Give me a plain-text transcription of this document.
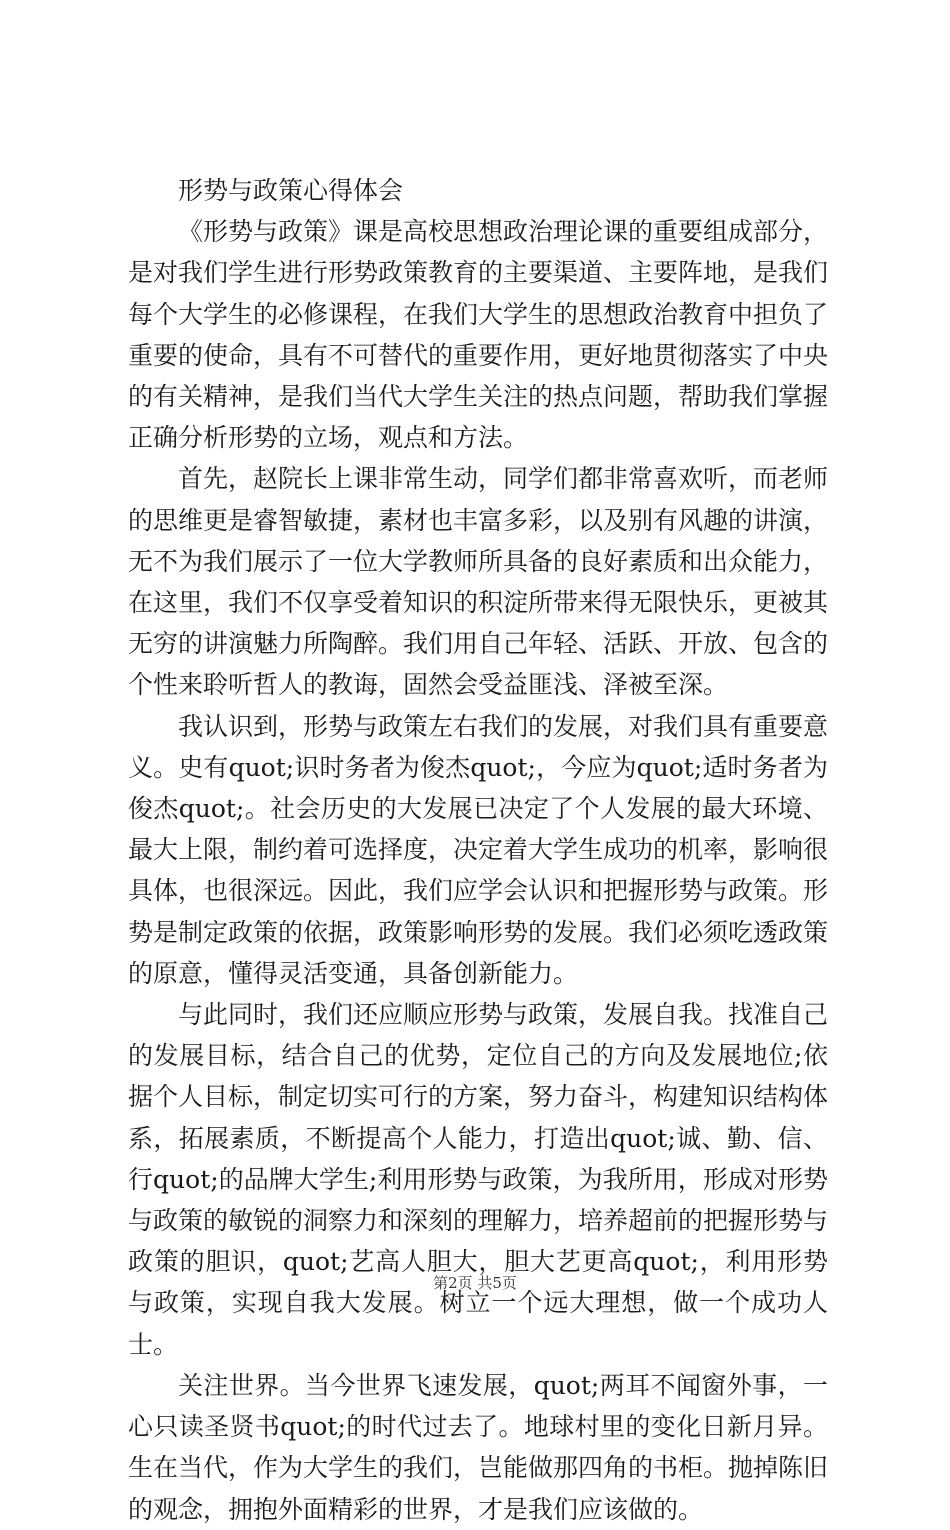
形势与政策心得体会

《形势与政策》课是高校思想政治理论课的重要组成部分，是对我们学生进行形势政策教育的主要渠道、主要阵地，是我们每个大学生的必修课程，在我们大学生的思想政治教育中担负了重要的使命，具有不可替代的重要作用，更好地贯彻落实了中央的有关精神，是我们当代大学生关注的热点问题，帮助我们掌握正确分析形势的立场，观点和方法。

首先，赵院长上课非常生动，同学们都非常喜欢听，而老师的思维更是睿智敏捷，素材也丰富多彩，以及别有风趣的讲演，无不为我们展示了一位大学教师所具备的良好素质和出众能力，在这里，我们不仅享受着知识的积淀所带来得无限快乐，更被其无穷的讲演魅力所陶醉。我们用自己年轻、活跃、开放、包含的个性来聆听哲人的教诲，固然会受益匪浅、泽被至深。

我认识到，形势与政策左右我们的发展，对我们具有重要意义。史有quot;识时务者为俊杰quot;，今应为quot;适时务者为俊杰quot;。社会历史的大发展已决定了个人发展的最大环境、最大上限，制约着可选择度，决定着大学生成功的机率，影响很具体，也很深远。因此，我们应学会认识和把握形势与政策。形势是制定政策的依据，政策影响形势的发展。我们必须吃透政策的原意，懂得灵活变通，具备创新能力。

与此同时，我们还应顺应形势与政策，发展自我。找准自己的发展目标，结合自己的优势，定位自己的方向及发展地位;依据个人目标，制定切实可行的方案，努力奋斗，构建知识结构体系，拓展素质，不断提高个人能力，打造出quot;诚、勤、信、行quot;的品牌大学生;利用形势与政策，为我所用，形成对形势与政策的敏锐的洞察力和深刻的理解力，培养超前的把握形势与政策的胆识，quot;艺高人胆大，胆大艺更高quot;，利用形势与政策，实现自我大发展。树立一个远大理想，做一个成功人士。

关注世界。当今世界飞速发展，quot;两耳不闻窗外事，一心只读圣贤书quot;的时代过去了。地球村里的变化日新月异。生在当代，作为大学生的我们，岂能做那四角的书柜。抛掉陈旧的观念，拥抱外面精彩的世界，才是我们应该做的。

第2页 共5页
